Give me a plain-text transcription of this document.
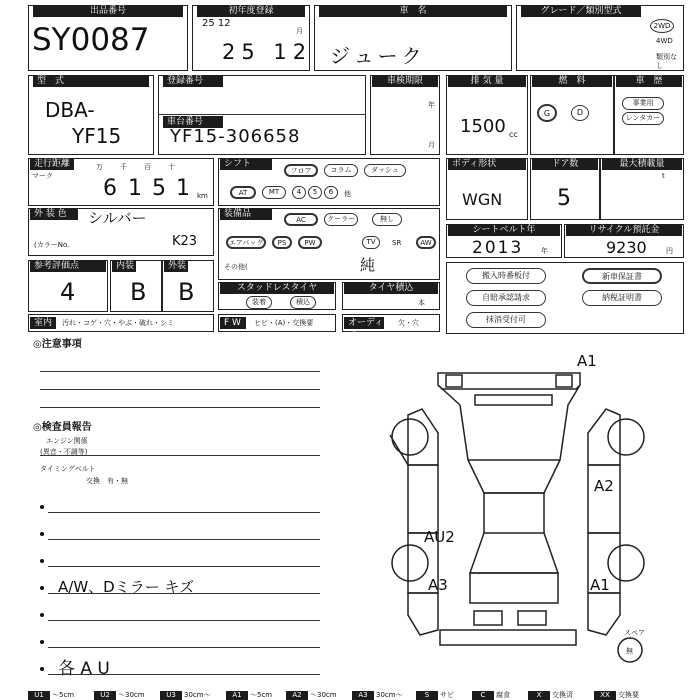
出品番号
SY0087
初年度登録
25 12
月
25 12
車　名
ジューク
グレード／類別型式
2WD
4WD
類別なし
型　式
DBA-
YF15
登録番号
車台番号
YF15-306658
車検期限
年
月
排 気 量
1500 cc
燃　料
G	D
車　歴
事業用
レンタカー
走行距離
マーク
万 千 百 十
6 1 5 1 km
シフト
フロア	コラム	ダッシュ
AT	MT	4	5	6	他
ボディ形状
WGN
ドア数
5
最大積載量
t
外 装 色	シルバー
(カラーNo.	K23
装備品
AC	クーラー	無し
エアバッグ	PS	PW	TV	SR	AW
その他(	純
シートベルト年
2013	年
リサイクル預託金
9230	円
参考評価点
4
内装
B
外装
B	スタッドレスタイヤ
装着	積込
タイヤ積込
本
搬入時番板付	新車保証書
自賠承認請求	納税証明書
抹消受付可
室内	汚れ・コゲ・穴・やぶ・破れ・シミ	F W	ヒビ・(A)・交換要	オーディオ
欠・穴
◎注意事項
◎検査員報告
エンジン関係
(異音・不調等)
タイミングベルト
交換　有・無
A/W、Dミラー キズ
各 A U
A1
A2
AU2
A3	A1
スペア
無
U1	～5cm	U2	～30cm	U3	30cm～	A1	～5cm	A2	～30cm	A3	30cm～	S	サビ	C	腐食	X	交換済	XX	交換要
